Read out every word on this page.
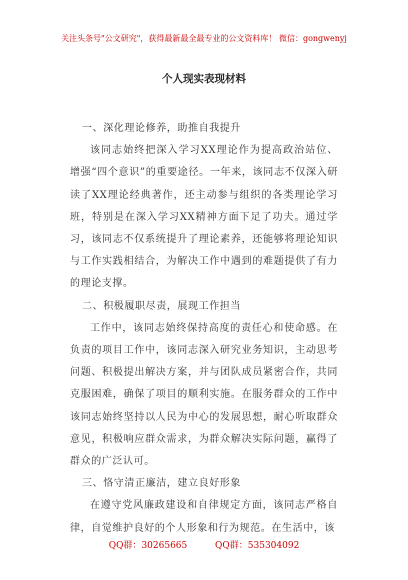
关注头条号"公文研究"，获得最新最全最专业的公文资料库！ 微信：gongwenyj
个人现实表现材料
一、深化理论修养，助推自我提升

该同志始终把深入学习XX理论作为提高政治站位、增强“四个意识”的重要途径。一年来，该同志不仅深入研读了XX理论经典著作，还主动参与组织的各类理论学习班，特别是在深入学习XX精神方面下足了功夫。通过学习，该同志不仅系统提升了理论素养，还能够将理论知识与工作实践相结合，为解决工作中遇到的难题提供了有力的理论支撑。

二、积极履职尽责，展现工作担当

工作中，该同志始终保持高度的责任心和使命感。在负责的项目工作中，该同志深入研究业务知识，主动思考问题、积极提出解决方案，并与团队成员紧密合作，共同克服困难，确保了项目的顺利实施。在服务群众的工作中该同志始终坚持以人民为中心的发展思想，耐心听取群众意见，积极响应群众需求，为群众解决实际问题，赢得了群众的广泛认可。

三、恪守清正廉洁，建立良好形象

在遵守党风廉政建设和自律规定方面，该同志严格自律，自觉维护良好的个人形象和行为规范。在生活中，该

QQ群：30265665	QQ群：535304092
